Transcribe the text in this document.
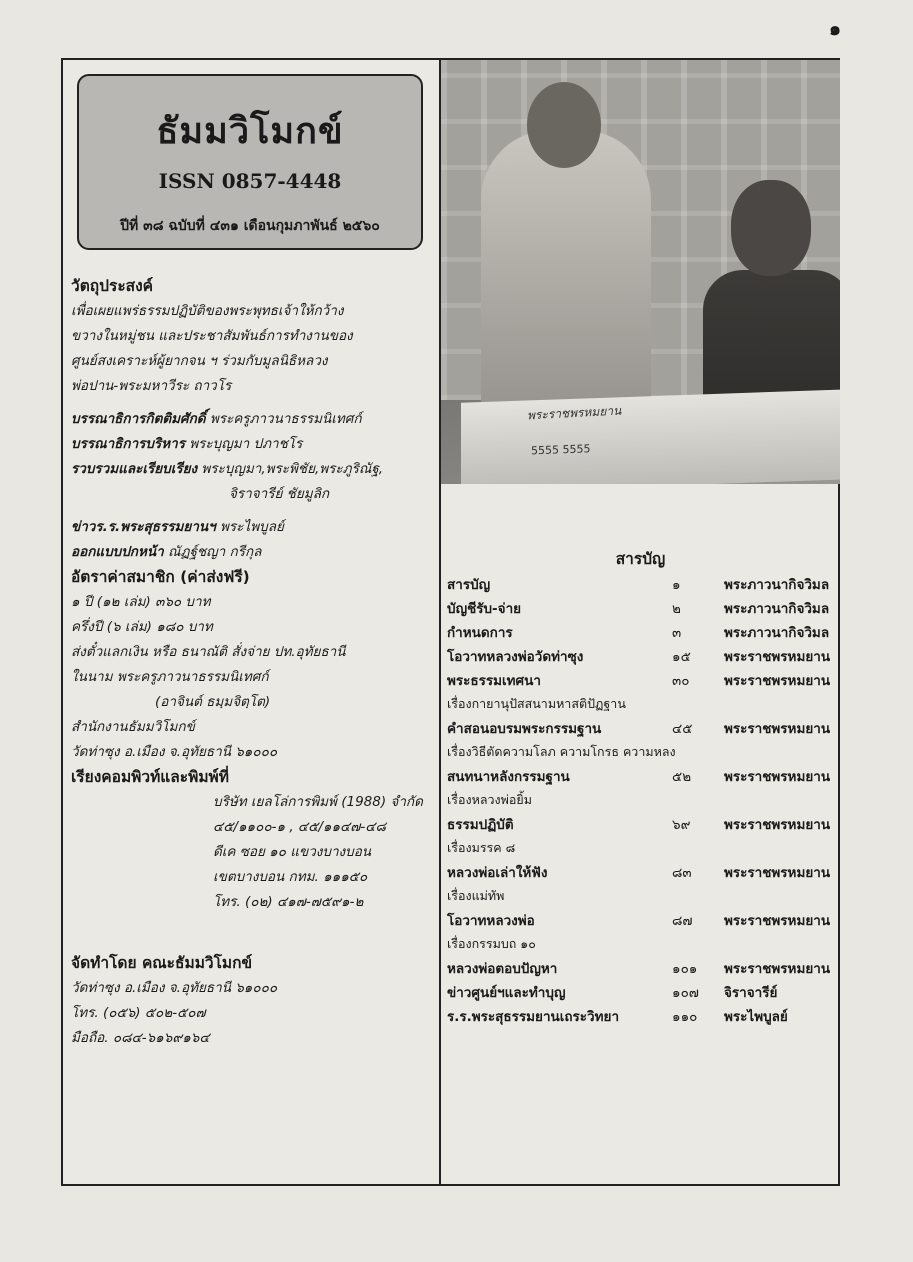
๑
ธัมมวิโมกข์
ISSN 0857-4448
ปีที่ ๓๘ ฉบับที่ ๔๓๑ เดือนกุมภาพันธ์ ๒๕๖๐
วัตถุประสงค์
เพื่อเผยแพร่ธรรมปฏิบัติของพระพุทธเจ้าให้กว้าง
ขวางในหมู่ชน และประชาสัมพันธ์การทำงานของ
ศูนย์สงเคราะห์ผู้ยากจน ฯ ร่วมกับมูลนิธิหลวง
พ่อปาน-พระมหาวีระ ถาวโร
บรรณาธิการกิตติมศักดิ์ พระครูภาวนาธรรมนิเทศก์
บรรณาธิการบริหาร พระบุญมา ปภาชโร
รวบรวมและเรียบเรียง พระบุญมา,พระพิชัย,พระภูริณัฐ,
จิราจารีย์ ชัยมูลิก
ข่าวร.ร.พระสุธรรมยานฯ พระไพบูลย์
ออกแบบปกหน้า ณัฏฐ์ชญา กรีกุล
อัตราค่าสมาชิก (ค่าส่งฟรี)
๑ ปี (๑๒ เล่ม) ๓๖๐ บาท
ครึ่งปี (๖ เล่ม) ๑๘๐ บาท
ส่งตั๋วแลกเงิน หรือ ธนาณัติ สั่งจ่าย ปท.อุทัยธานี
ในนาม พระครูภาวนาธรรมนิเทศก์
(อาจินต์ ธมฺมจิตฺโต)
สำนักงานธัมมวิโมกข์
วัดท่าซุง อ.เมือง จ.อุทัยธานี ๖๑๐๐๐
เรียงคอมพิวท์และพิมพ์ที่
บริษัท เยลโล่การพิมพ์ (1988) จำกัด
๔๕/๑๑๐๐-๑ , ๔๕/๑๑๔๗-๔๘
ดีเค ซอย ๑๐ แขวงบางบอน
เขตบางบอน กทม. ๑๑๑๕๐
โทร. (๐๒) ๔๑๗-๗๕๙๑-๒
จัดทำโดย คณะธัมมวิโมกข์
วัดท่าซุง อ.เมือง จ.อุทัยธานี ๖๑๐๐๐
โทร. (๐๕๖) ๕๐๒-๕๐๗
มือถือ. ๐๘๔-๖๑๖๙๑๖๔
5555 5555
พระราชพรหมยาน
สารบัญ
สารบัญ	๑	พระภาวนากิจวิมล
บัญชีรับ-จ่าย	๒	พระภาวนากิจวิมล
กำหนดการ	๓	พระภาวนากิจวิมล
โอวาทหลวงพ่อวัดท่าซุง	๑๕	พระราชพรหมยาน
พระธรรมเทศนา	๓๐	พระราชพรหมยาน
เรื่องกายานุปัสสนามหาสติปัฏฐาน
คำสอนอบรมพระกรรมฐาน	๔๕	พระราชพรหมยาน
เรื่องวิธีตัดความโลภ ความโกรธ ความหลง
สนทนาหลังกรรมฐาน	๕๒	พระราชพรหมยาน
เรื่องหลวงพ่อยิ้ม
ธรรมปฏิบัติ	๖๙	พระราชพรหมยาน
เรื่องมรรค ๘
หลวงพ่อเล่าให้ฟัง	๘๓	พระราชพรหมยาน
เรื่องแม่ทัพ
โอวาทหลวงพ่อ	๘๗	พระราชพรหมยาน
เรื่องกรรมบถ ๑๐
หลวงพ่อตอบปัญหา	๑๐๑	พระราชพรหมยาน
ข่าวศูนย์ฯและทำบุญ	๑๐๗	จิราจารีย์
ร.ร.พระสุธรรมยานเถระวิทยา	๑๑๐	พระไพบูลย์
